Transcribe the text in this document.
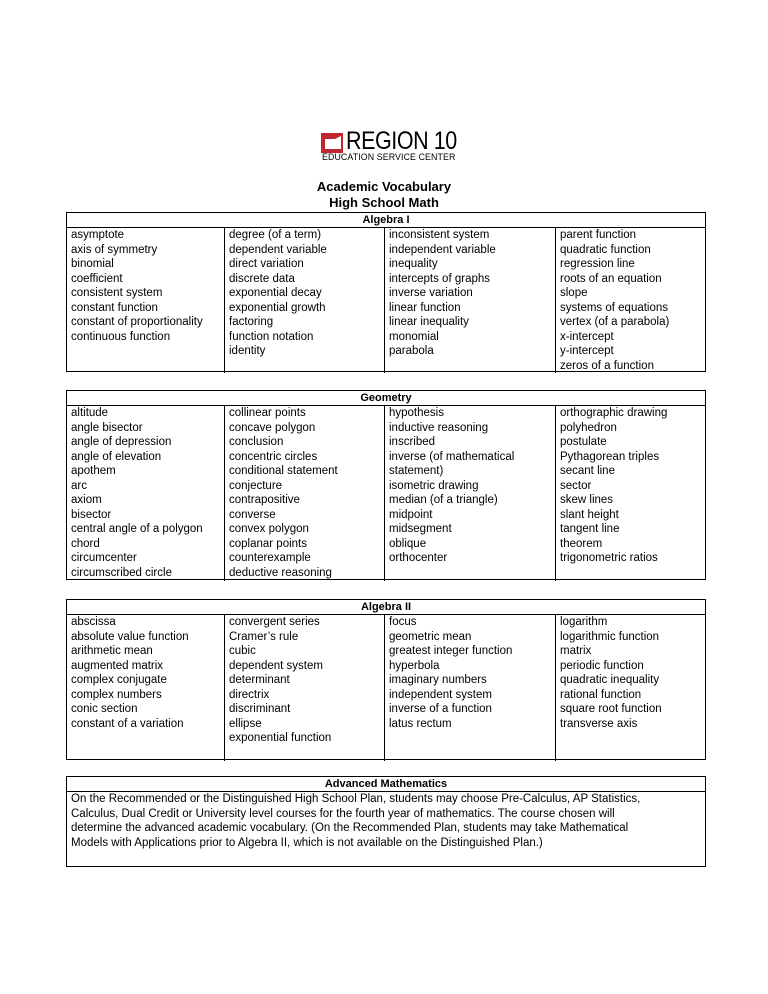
REGION 10
EDUCATION SERVICE CENTER
Academic Vocabulary
High School Math
Algebra I
asymptote
axis of symmetry
binomial
coefficient
consistent system
constant function
constant of proportionality
continuous function
degree (of a term)
dependent variable
direct variation
discrete data
exponential decay
exponential growth
factoring
function notation
identity
inconsistent system
independent variable
inequality
intercepts of graphs
inverse variation
linear function
linear inequality
monomial
parabola
parent function
quadratic function
regression line
roots of an equation
slope
systems of equations
vertex (of a parabola)
x-intercept
y-intercept
zeros of a function
Geometry
altitude
angle bisector
angle of depression
angle of elevation
apothem
arc
axiom
bisector
central angle of a polygon
chord
circumcenter
circumscribed circle
collinear points
concave polygon
conclusion
concentric circles
conditional statement
conjecture
contrapositive
converse
convex polygon
coplanar points
counterexample
deductive reasoning
hypothesis
inductive reasoning
inscribed
inverse (of mathematical
statement)
isometric drawing
median (of a triangle)
midpoint
midsegment
oblique
orthocenter
orthographic drawing
polyhedron
postulate
Pythagorean triples
secant line
sector
skew lines
slant height
tangent line
theorem
trigonometric ratios
Algebra II
abscissa
absolute value function
arithmetic mean
augmented matrix
complex conjugate
complex numbers
conic section
constant of a variation
convergent series
Cramer’s rule
cubic
dependent system
determinant
directrix
discriminant
ellipse
exponential function
focus
geometric mean
greatest integer function
hyperbola
imaginary numbers
independent system
inverse of a function
latus rectum
logarithm
logarithmic function
matrix
periodic function
quadratic inequality
rational function
square root function
transverse axis
Advanced Mathematics
On the Recommended or the Distinguished High School Plan, students may choose Pre-Calculus, AP Statistics,
Calculus, Dual Credit or University level courses for the fourth year of mathematics. The course chosen will
determine the advanced academic vocabulary. (On the Recommended Plan, students may take Mathematical
Models with Applications prior to Algebra II, which is not available on the Distinguished Plan.)
